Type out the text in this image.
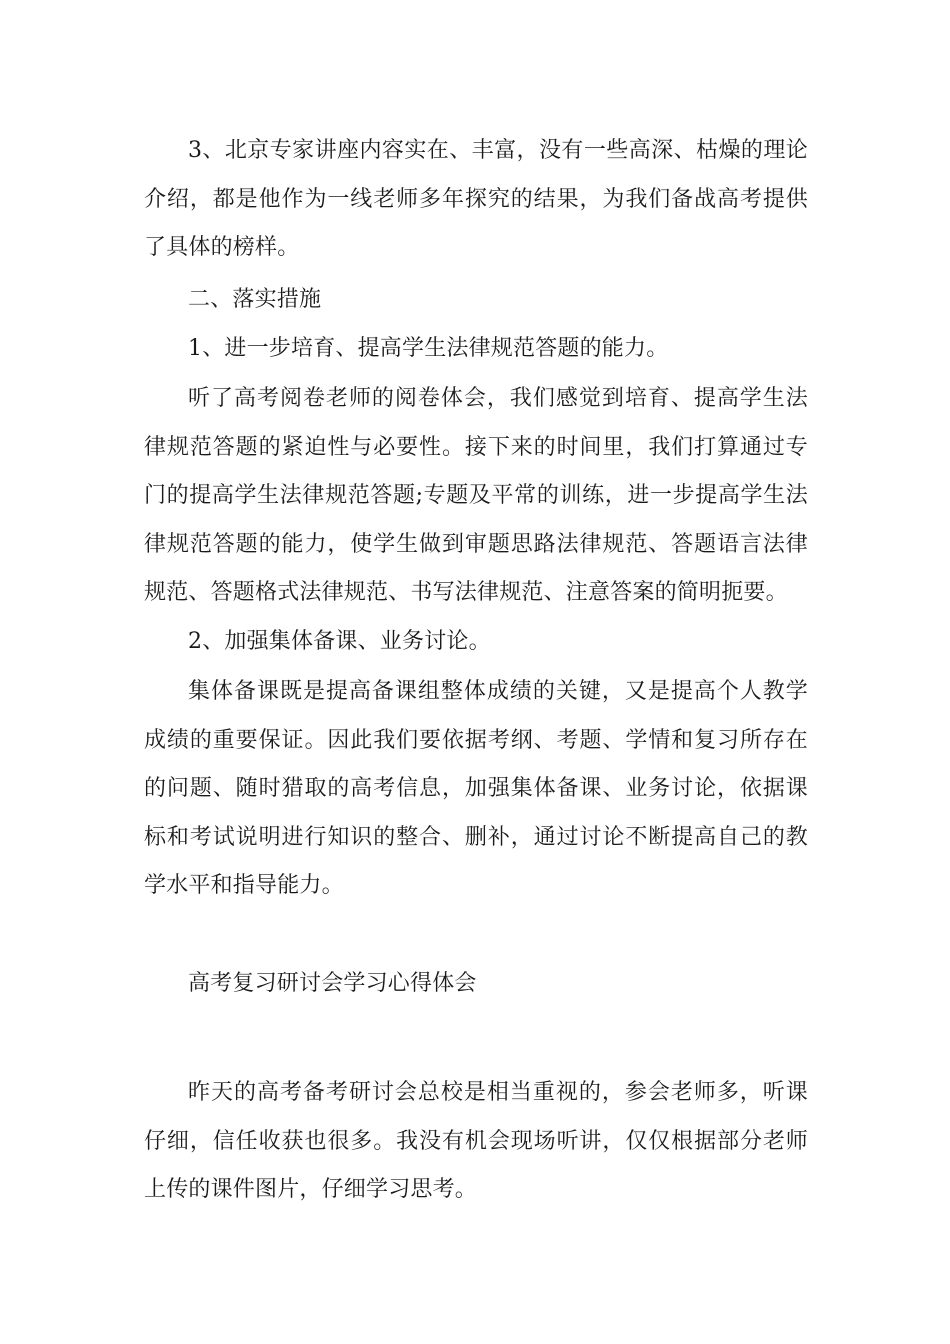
3、北京专家讲座内容实在、丰富，没有一些高深、枯燥的理论介绍，都是他作为一线老师多年探究的结果，为我们备战高考提供了具体的榜样。

二、落实措施

1、进一步培育、提高学生法律规范答题的能力。

听了高考阅卷老师的阅卷体会，我们感觉到培育、提高学生法律规范答题的紧迫性与必要性。接下来的时间里，我们打算通过专门的提高学生法律规范答题;专题及平常的训练，进一步提高学生法律规范答题的能力，使学生做到审题思路法律规范、答题语言法律规范、答题格式法律规范、书写法律规范、注意答案的简明扼要。

2、加强集体备课、业务讨论。

集体备课既是提高备课组整体成绩的关键，又是提高个人教学成绩的重要保证。因此我们要依据考纲、考题、学情和复习所存在的问题、随时猎取的高考信息，加强集体备课、业务讨论，依据课标和考试说明进行知识的整合、删补，通过讨论不断提高自己的教学水平和指导能力。

高考复习研讨会学习心得体会

昨天的高考备考研讨会总校是相当重视的，参会老师多，听课仔细，信任收获也很多。我没有机会现场听讲，仅仅根据部分老师上传的课件图片，仔细学习思考。
